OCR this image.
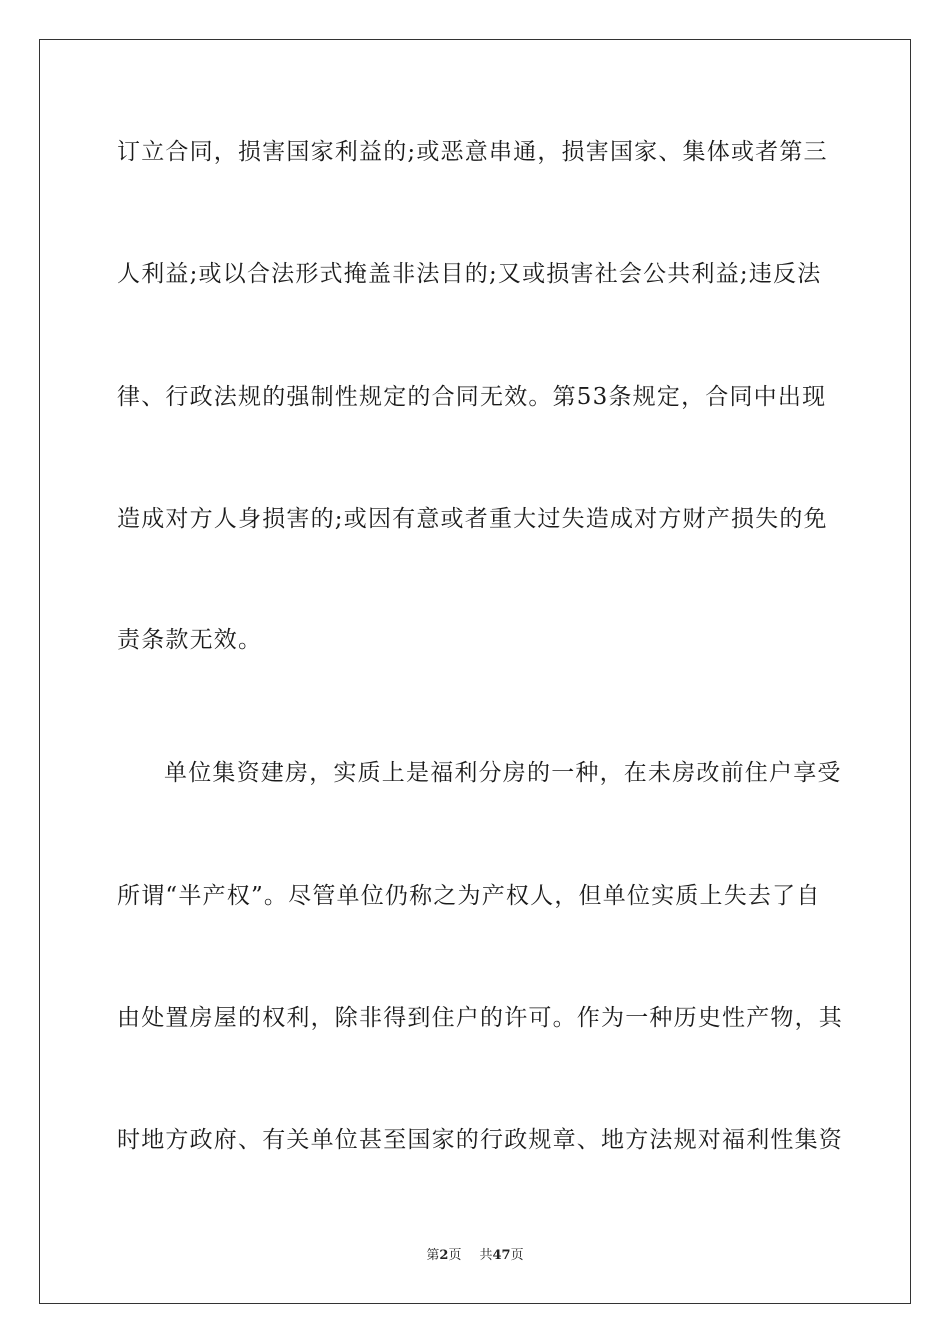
订立合同，损害国家利益的;或恶意串通，损害国家、集体或者第三
人利益;或以合法形式掩盖非法目的;又或损害社会公共利益;违反法
律、行政法规的强制性规定的合同无效。第53条规定，合同中出现
造成对方人身损害的;或因有意或者重大过失造成对方财产损失的免
责条款无效。
单位集资建房，实质上是福利分房的一种，在未房改前住户享受
所谓“半产权”。尽管单位仍称之为产权人，但单位实质上失去了自
由处置房屋的权利，除非得到住户的许可。作为一种历史性产物，其
时地方政府、有关单位甚至国家的行政规章、地方法规对福利性集资
第2页 共47页
